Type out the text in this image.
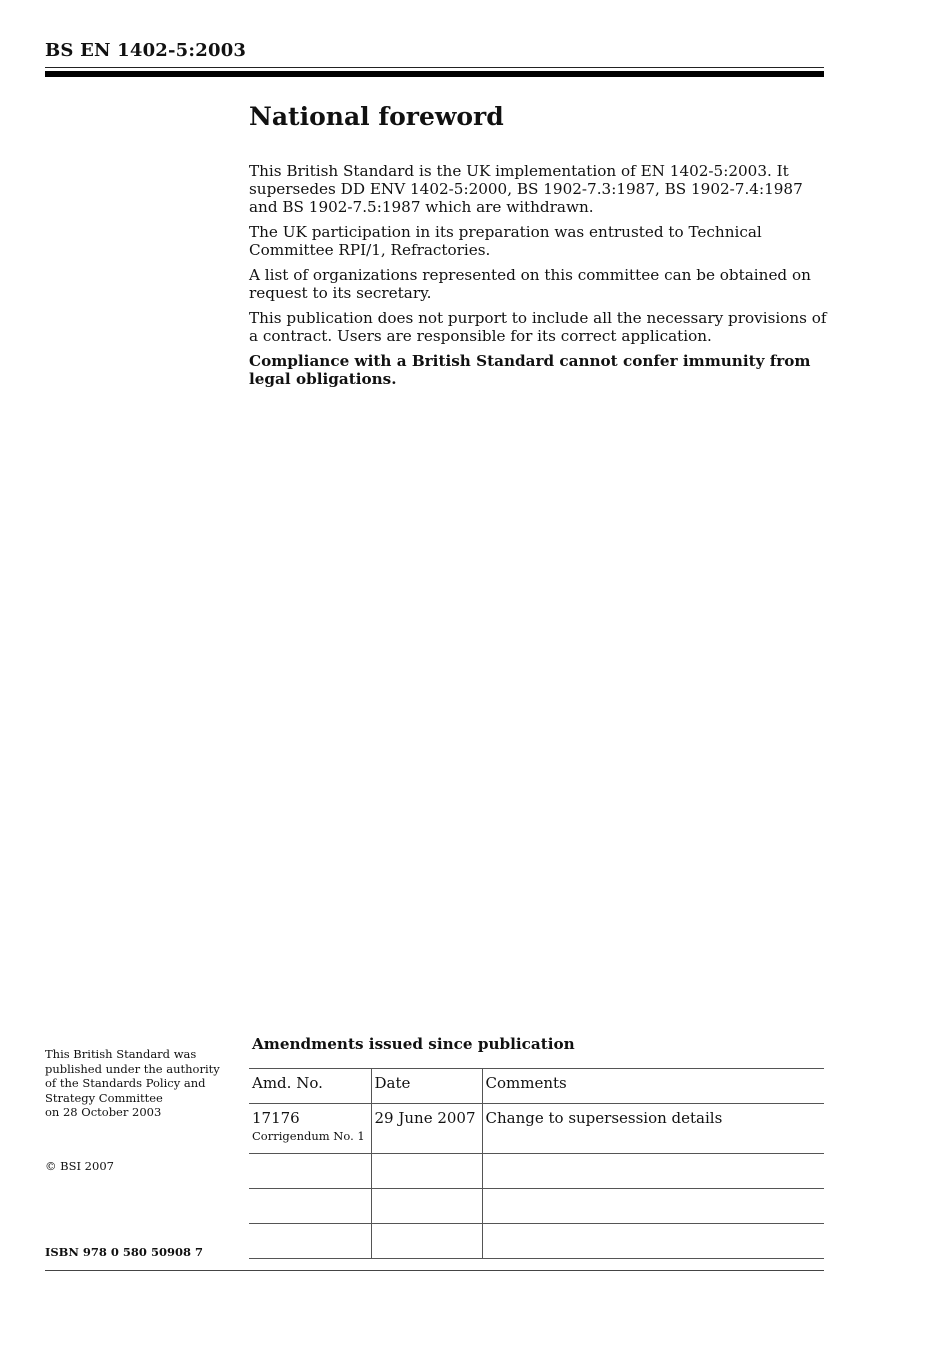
BS EN 1402-5:2003
National foreword

This British Standard is the UK implementation of EN 1402-5:2003. It supersedes DD ENV 1402-5:2000, BS 1902-7.3:1987, BS 1902-7.4:1987 and BS 1902-7.5:1987 which are withdrawn.

The UK participation in its preparation was entrusted to Technical Committee RPI/1, Refractories.

A list of organizations represented on this committee can be obtained on request to its secretary.

This publication does not purport to include all the necessary provisions of a contract. Users are responsible for its correct application.

Compliance with a British Standard cannot confer immunity from legal obligations.

This British Standard was
published under the authority
of the Standards Policy and
Strategy Committee
on 28 October 2003
© BSI 2007
ISBN 978 0 580 50908 7
Amendments issued since publication
Amd. No.	Date	Comments
17176
Corrigendum No. 1	29 June 2007	Change to supersession details
